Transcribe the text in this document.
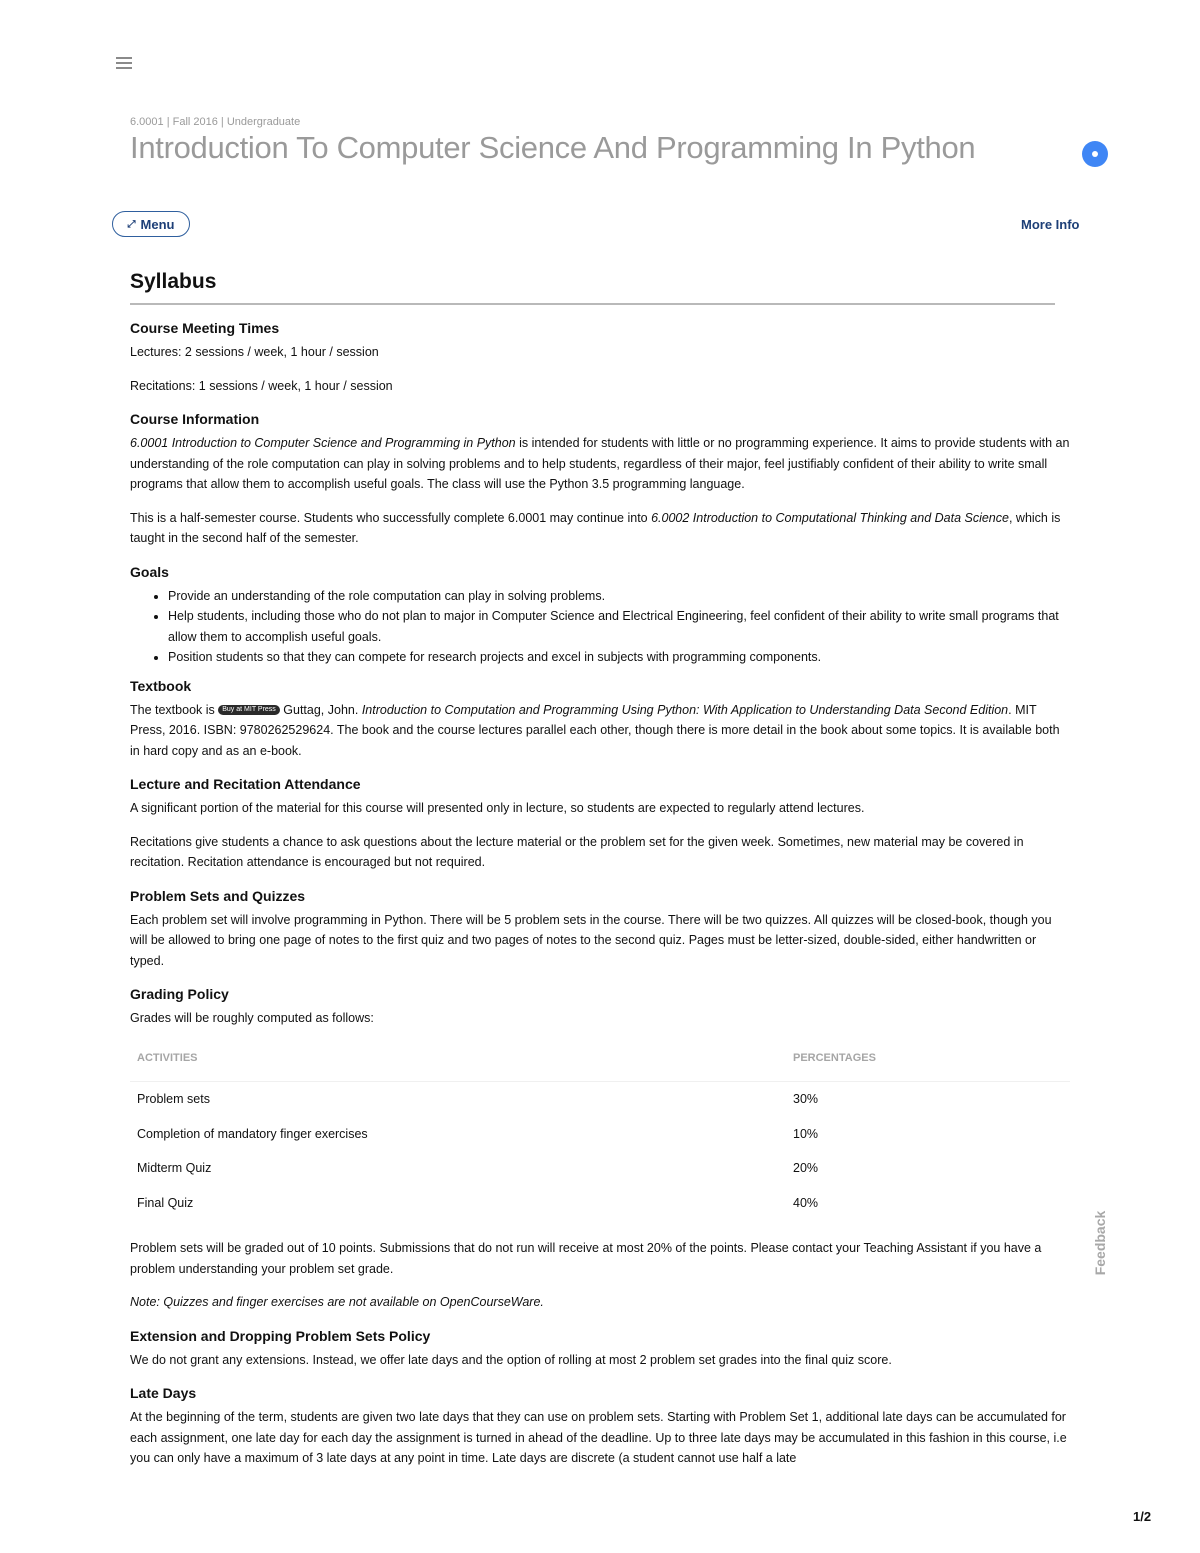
6.0001 | Fall 2016 | Undergraduate
Introduction To Computer Science And Programming In Python
⤢ Menu	More Info
Syllabus
Course Meeting Times

Lectures: 2 sessions / week, 1 hour / session

Recitations: 1 sessions / week, 1 hour / session

Course Information

6.0001 Introduction to Computer Science and Programming in Python is intended for students with little or no programming experience. It aims to provide students with an understanding of the role computation can play in solving problems and to help students, regardless of their major, feel justifiably confident of their ability to write small programs that allow them to accomplish useful goals. The class will use the Python 3.5 programming language.

This is a half-semester course. Students who successfully complete 6.0001 may continue into 6.0002 Introduction to Computational Thinking and Data Science, which is taught in the second half of the semester.

Goals
• Provide an understanding of the role computation can play in solving problems.
• Help students, including those who do not plan to major in Computer Science and Electrical Engineering, feel confident of their ability to write small programs that allow them to accomplish useful goals.
• Position students so that they can compete for research projects and excel in subjects with programming components.
Textbook

The textbook is Buy at MIT Press Guttag, John. Introduction to Computation and Programming Using Python: With Application to Understanding Data Second Edition. MIT Press, 2016. ISBN: 9780262529624. The book and the course lectures parallel each other, though there is more detail in the book about some topics. It is available both in hard copy and as an e-book.

Lecture and Recitation Attendance

A significant portion of the material for this course will presented only in lecture, so students are expected to regularly attend lectures.

Recitations give students a chance to ask questions about the lecture material or the problem set for the given week. Sometimes, new material may be covered in recitation. Recitation attendance is encouraged but not required.

Problem Sets and Quizzes

Each problem set will involve programming in Python. There will be 5 problem sets in the course. There will be two quizzes. All quizzes will be closed-book, though you will be allowed to bring one page of notes to the first quiz and two pages of notes to the second quiz. Pages must be letter-sized, double-sided, either handwritten or typed.

Grading Policy

Grades will be roughly computed as follows:

ACTIVITIES	PERCENTAGES
Problem sets	30%
Completion of mandatory finger exercises	10%
Midterm Quiz	20%
Final Quiz	40%

Problem sets will be graded out of 10 points. Submissions that do not run will receive at most 20% of the points. Please contact your Teaching Assistant if you have a problem understanding your problem set grade.

Note: Quizzes and finger exercises are not available on OpenCourseWare.

Extension and Dropping Problem Sets Policy

We do not grant any extensions. Instead, we offer late days and the option of rolling at most 2 problem set grades into the final quiz score.

Late Days

At the beginning of the term, students are given two late days that they can use on problem sets. Starting with Problem Set 1, additional late days can be accumulated for each assignment, one late day for each day the assignment is turned in ahead of the deadline. Up to three late days may be accumulated in this fashion in this course, i.e you can only have a maximum of 3 late days at any point in time. Late days are discrete (a student cannot use half a late

Feedback
1/2
